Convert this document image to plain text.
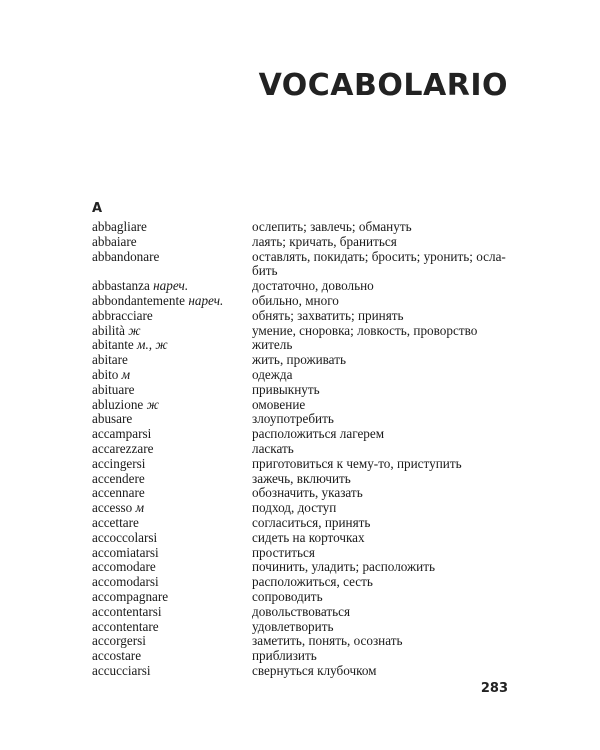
VOCABOLARIO
A
abbagliare	ослепить; завлечь; обмануть
abbaiare	лаять; кричать, браниться
abbandonare	оставлять, покидать; бросить; уронить; осла-бить
abbastanza нареч.	достаточно, довольно
abbondantemente нареч.	обильно, много
abbracciare	обнять; захватить; принять
abilità ж	умение, сноровка; ловкость, проворство
abitante м., ж	житель
abitare	жить, проживать
abito м	одежда
abituare	привыкнуть
abluzione ж	омовение
abusare	злоупотребить
accamparsi	расположиться лагерем
accarezzare	ласкать
accingersi	приготовиться к чему-то, приступить
accendere	зажечь, включить
accennare	обозначить, указать
accesso м	подход, доступ
accettare	согласиться, принять
accoccolarsi	сидеть на корточках
accomiatarsi	проститься
accomodare	починить, уладить; расположить
accomodarsi	расположиться, сесть
accompagnare	сопроводить
accontentarsi	довольствоваться
accontentare	удовлетворить
accorgersi	заметить, понять, осознать
accostare	приблизить
accucciarsi	свернуться клубочком
283
